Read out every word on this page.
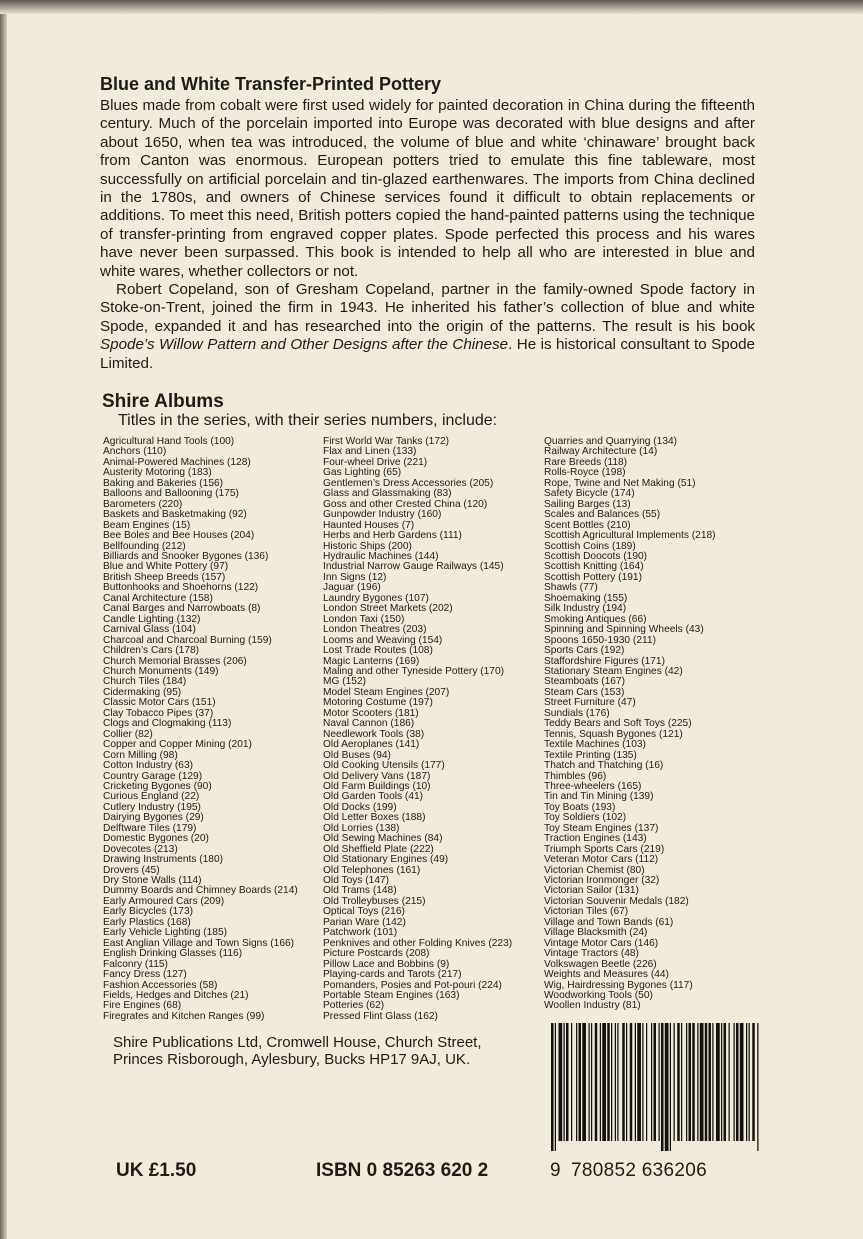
Blue and White Transfer-Printed Pottery

Blues made from cobalt were first used widely for painted decoration in China during the fifteenth century. Much of the porcelain imported into Europe was decorated with blue designs and after about 1650, when tea was introduced, the volume of blue and white ‘chinaware’ brought back from Canton was enormous. European potters tried to emulate this fine tableware, most successfully on artificial porcelain and tin-glazed earthenwares. The imports from China declined in the 1780s, and owners of Chinese services found it difficult to obtain replacements or additions. To meet this need, British potters copied the hand-painted patterns using the technique of transfer-printing from engraved copper plates. Spode perfected this process and his wares have never been surpassed. This book is intended to help all who are interested in blue and white wares, whether collectors or not.

Robert Copeland, son of Gresham Copeland, partner in the family-owned Spode factory in Stoke-on-Trent, joined the firm in 1943. He inherited his father’s collection of blue and white Spode, expanded it and has researched into the origin of the patterns. The result is his book Spode’s Willow Pattern and Other Designs after the Chinese. He is historical consultant to Spode Limited.

Shire Albums
Titles in the series, with their series numbers, include:
Agricultural Hand Tools (100)
Anchors (110)
Animal-Powered Machines (128)
Austerity Motoring (183)
Baking and Bakeries (156)
Balloons and Ballooning (175)
Barometers (220)
Baskets and Basketmaking (92)
Beam Engines (15)
Bee Boles and Bee Houses (204)
Bellfounding (212)
Billiards and Snooker Bygones (136)
Blue and White Pottery (97)
British Sheep Breeds (157)
Buttonhooks and Shoehorns (122)
Canal Architecture (158)
Canal Barges and Narrowboats (8)
Candle Lighting (132)
Carnival Glass (104)
Charcoal and Charcoal Burning (159)
Children’s Cars (178)
Church Memorial Brasses (206)
Church Monuments (149)
Church Tiles (184)
Cidermaking (95)
Classic Motor Cars (151)
Clay Tobacco Pipes (37)
Clogs and Clogmaking (113)
Collier (82)
Copper and Copper Mining (201)
Corn Milling (98)
Cotton Industry (63)
Country Garage (129)
Cricketing Bygones (90)
Curious England (22)
Cutlery Industry (195)
Dairying Bygones (29)
Delftware Tiles (179)
Domestic Bygones (20)
Dovecotes (213)
Drawing Instruments (180)
Drovers (45)
Dry Stone Walls (114)
Dummy Boards and Chimney Boards (214)
Early Armoured Cars (209)
Early Bicycles (173)
Early Plastics (168)
Early Vehicle Lighting (185)
East Anglian Village and Town Signs (166)
English Drinking Glasses (116)
Falconry (115)
Fancy Dress (127)
Fashion Accessories (58)
Fields, Hedges and Ditches (21)
Fire Engines (68)
Firegrates and Kitchen Ranges (99)
First World War Tanks (172)
Flax and Linen (133)
Four-wheel Drive (221)
Gas Lighting (65)
Gentlemen’s Dress Accessories (205)
Glass and Glassmaking (83)
Goss and other Crested China (120)
Gunpowder Industry (160)
Haunted Houses (7)
Herbs and Herb Gardens (111)
Historic Ships (200)
Hydraulic Machines (144)
Industrial Narrow Gauge Railways (145)
Inn Signs (12)
Jaguar (196)
Laundry Bygones (107)
London Street Markets (202)
London Taxi (150)
London Theatres (203)
Looms and Weaving (154)
Lost Trade Routes (108)
Magic Lanterns (169)
Maling and other Tyneside Pottery (170)
MG (152)
Model Steam Engines (207)
Motoring Costume (197)
Motor Scooters (181)
Naval Cannon (186)
Needlework Tools (38)
Old Aeroplanes (141)
Old Buses (94)
Old Cooking Utensils (177)
Old Delivery Vans (187)
Old Farm Buildings (10)
Old Garden Tools (41)
Old Docks (199)
Old Letter Boxes (188)
Old Lorries (138)
Old Sewing Machines (84)
Old Sheffield Plate (222)
Old Stationary Engines (49)
Old Telephones (161)
Old Toys (147)
Old Trams (148)
Old Trolleybuses (215)
Optical Toys (216)
Parian Ware (142)
Patchwork (101)
Penknives and other Folding Knives (223)
Picture Postcards (208)
Pillow Lace and Bobbins (9)
Playing-cards and Tarots (217)
Pomanders, Posies and Pot-pouri (224)
Portable Steam Engines (163)
Potteries (62)
Pressed Flint Glass (162)
Quarries and Quarrying (134)
Railway Architecture (14)
Rare Breeds (118)
Rolls-Royce (198)
Rope, Twine and Net Making (51)
Safety Bicycle (174)
Sailing Barges (13)
Scales and Balances (55)
Scent Bottles (210)
Scottish Agricultural Implements (218)
Scottish Coins (189)
Scottish Doocots (190)
Scottish Knitting (164)
Scottish Pottery (191)
Shawls (77)
Shoemaking (155)
Silk Industry (194)
Smoking Antiques (66)
Spinning and Spinning Wheels (43)
Spoons 1650-1930 (211)
Sports Cars (192)
Staffordshire Figures (171)
Stationary Steam Engines (42)
Steamboats (167)
Steam Cars (153)
Street Furniture (47)
Sundials (176)
Teddy Bears and Soft Toys (225)
Tennis, Squash Bygones (121)
Textile Machines (103)
Textile Printing (135)
Thatch and Thatching (16)
Thimbles (96)
Three-wheelers (165)
Tin and Tin Mining (139)
Toy Boats (193)
Toy Soldiers (102)
Toy Steam Engines (137)
Traction Engines (143)
Triumph Sports Cars (219)
Veteran Motor Cars (112)
Victorian Chemist (80)
Victorian Ironmonger (32)
Victorian Sailor (131)
Victorian Souvenir Medals (182)
Victorian Tiles (67)
Village and Town Bands (61)
Village Blacksmith (24)
Vintage Motor Cars (146)
Vintage Tractors (48)
Volkswagen Beetle (226)
Weights and Measures (44)
Wig, Hairdressing Bygones (117)
Woodworking Tools (50)
Woollen Industry (81)
Shire Publications Ltd, Cromwell House, Church Street, Princes Risborough, Aylesbury, Bucks HP17 9AJ, UK.
UK £1.50	ISBN 0 85263 620 2	9 780852 636206
